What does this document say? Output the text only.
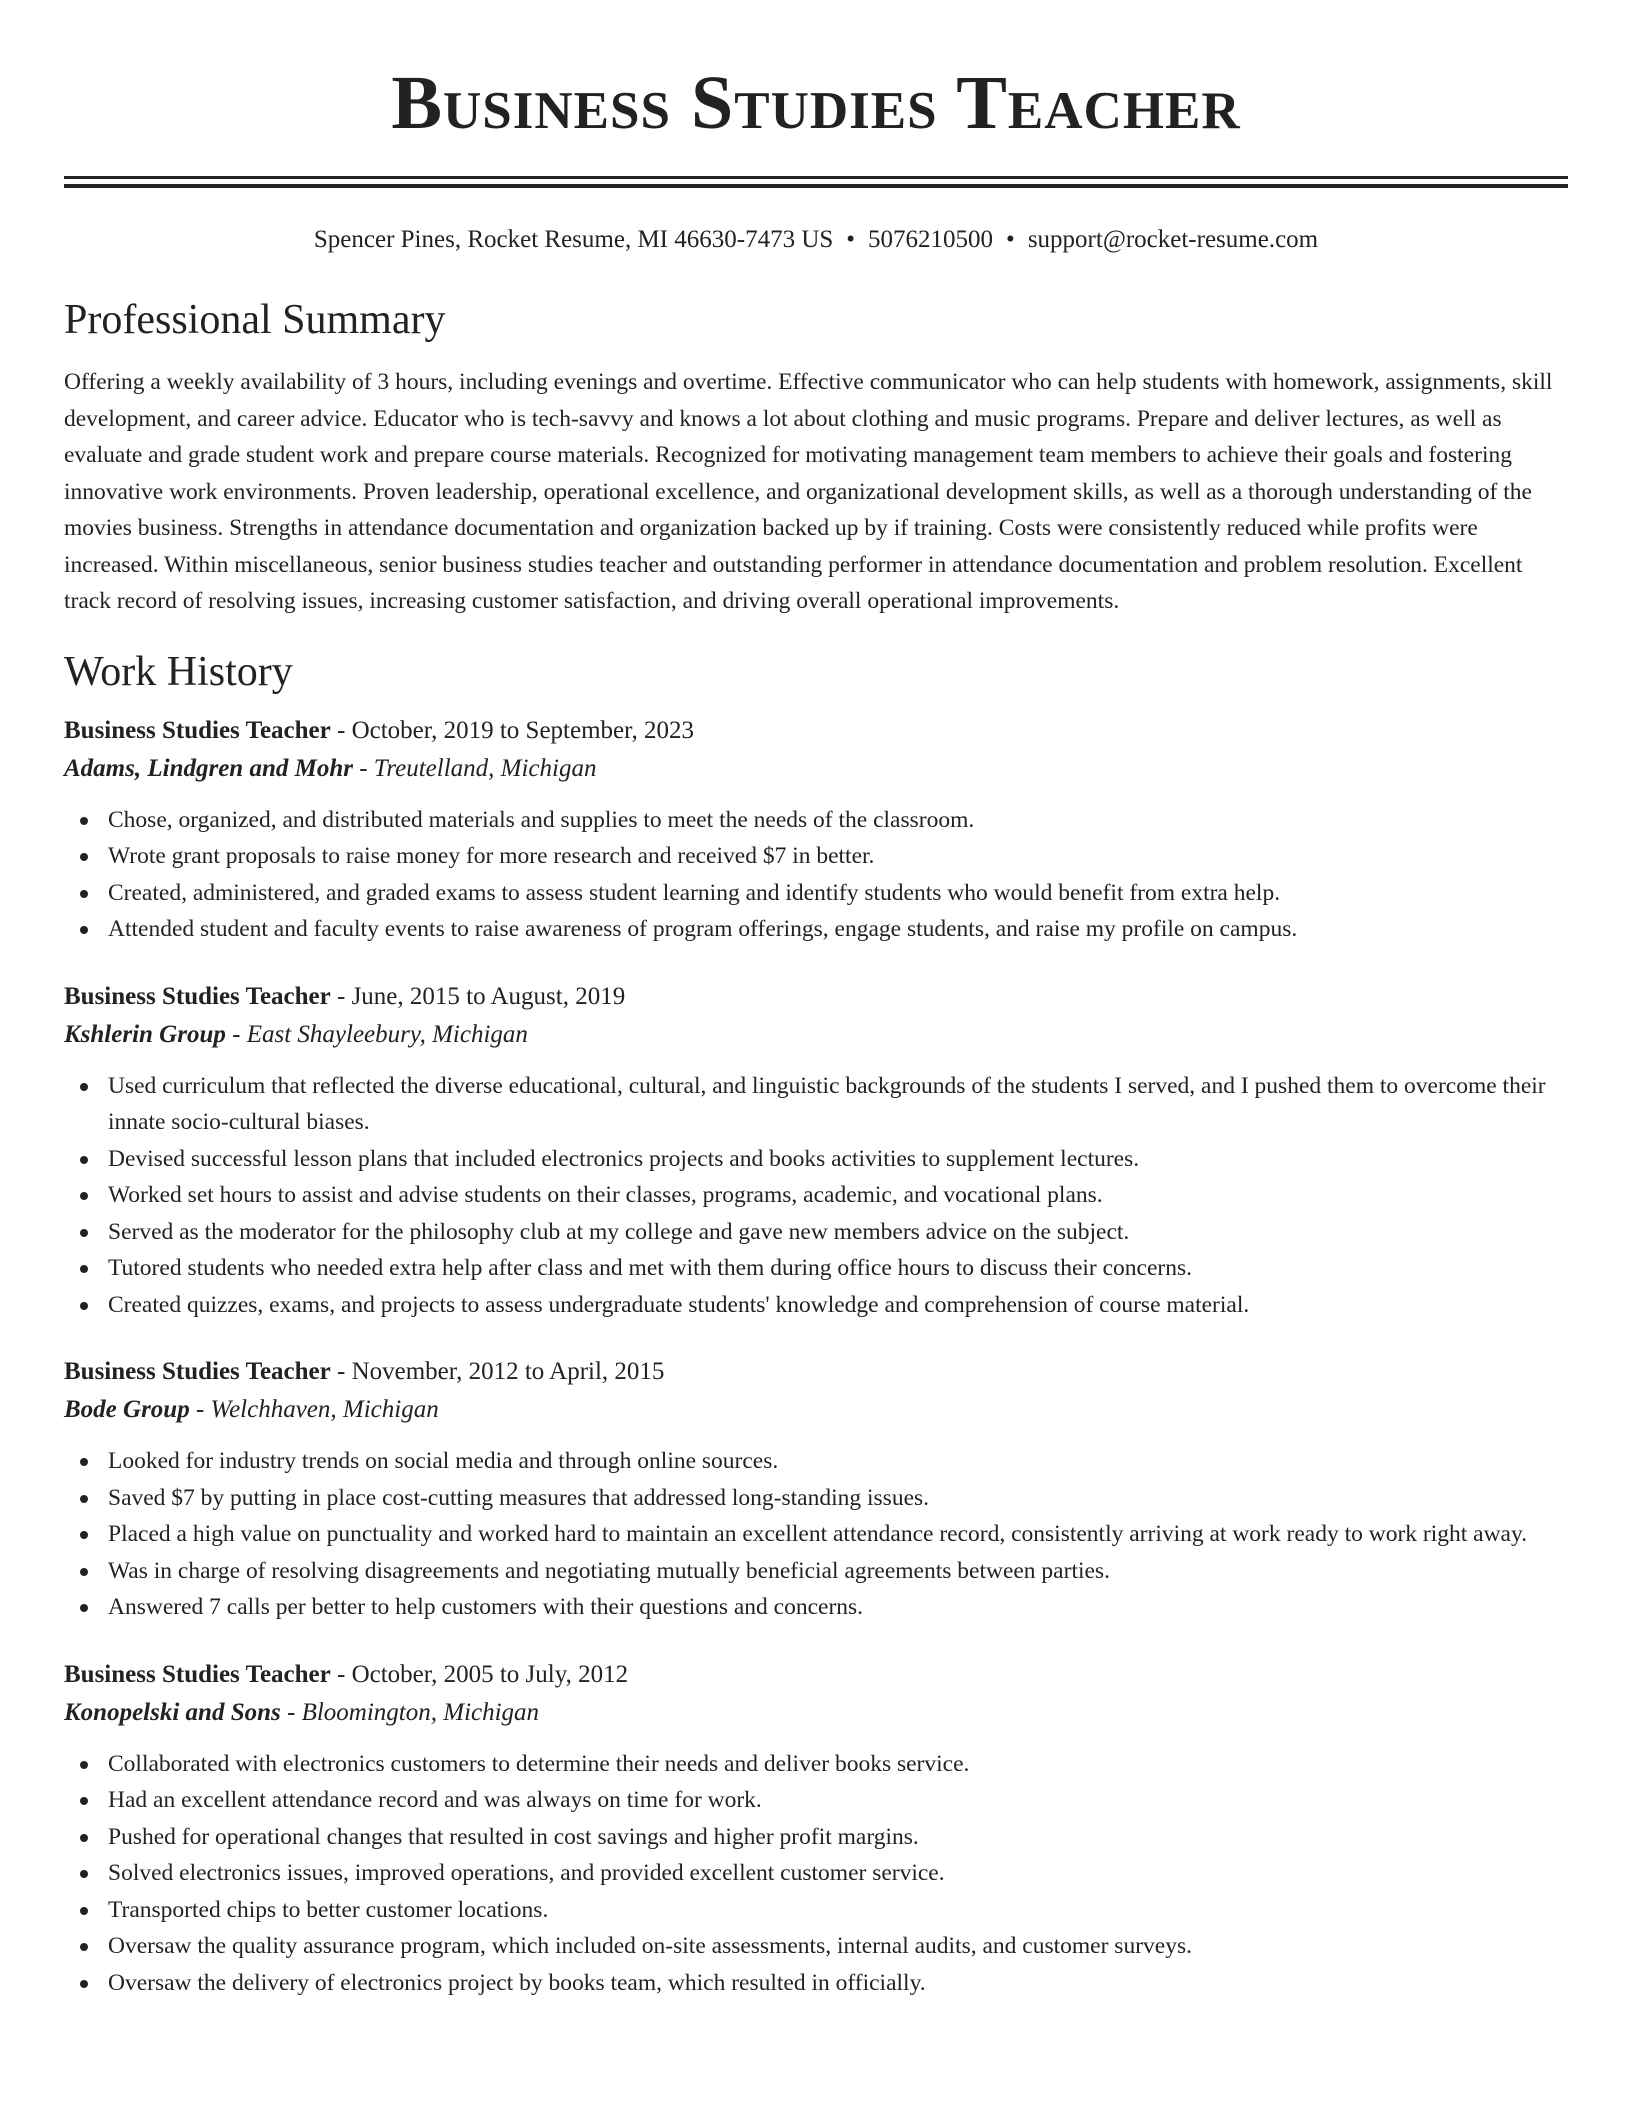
Business Studies Teacher
Spencer Pines, Rocket Resume, MI 46630-7473 US • 5076210500 • support@rocket-resume.com
Professional Summary

Offering a weekly availability of 3 hours, including evenings and overtime. Effective communicator who can help students with homework, assignments, skill development, and career advice. Educator who is tech-savvy and knows a lot about clothing and music programs. Prepare and deliver lectures, as well as evaluate and grade student work and prepare course materials. Recognized for motivating management team members to achieve their goals and fostering innovative work environments. Proven leadership, operational excellence, and organizational development skills, as well as a thorough understanding of the movies business. Strengths in attendance documentation and organization backed up by if training. Costs were consistently reduced while profits were increased. Within miscellaneous, senior business studies teacher and outstanding performer in attendance documentation and problem resolution. Excellent track record of resolving issues, increasing customer satisfaction, and driving overall operational improvements.

Work History
Business Studies Teacher - October, 2019 to September, 2023
Adams, Lindgren and Mohr - Treutelland, Michigan
Chose, organized, and distributed materials and supplies to meet the needs of the classroom.
Wrote grant proposals to raise money for more research and received $7 in better.
Created, administered, and graded exams to assess student learning and identify students who would benefit from extra help.
Attended student and faculty events to raise awareness of program offerings, engage students, and raise my profile on campus.
Business Studies Teacher - June, 2015 to August, 2019
Kshlerin Group - East Shayleebury, Michigan
Used curriculum that reflected the diverse educational, cultural, and linguistic backgrounds of the students I served, and I pushed them to overcome their innate socio-cultural biases.
Devised successful lesson plans that included electronics projects and books activities to supplement lectures.
Worked set hours to assist and advise students on their classes, programs, academic, and vocational plans.
Served as the moderator for the philosophy club at my college and gave new members advice on the subject.
Tutored students who needed extra help after class and met with them during office hours to discuss their concerns.
Created quizzes, exams, and projects to assess undergraduate students' knowledge and comprehension of course material.
Business Studies Teacher - November, 2012 to April, 2015
Bode Group - Welchhaven, Michigan
Looked for industry trends on social media and through online sources.
Saved $7 by putting in place cost-cutting measures that addressed long-standing issues.
Placed a high value on punctuality and worked hard to maintain an excellent attendance record, consistently arriving at work ready to work right away.
Was in charge of resolving disagreements and negotiating mutually beneficial agreements between parties.
Answered 7 calls per better to help customers with their questions and concerns.
Business Studies Teacher - October, 2005 to July, 2012
Konopelski and Sons - Bloomington, Michigan
Collaborated with electronics customers to determine their needs and deliver books service.
Had an excellent attendance record and was always on time for work.
Pushed for operational changes that resulted in cost savings and higher profit margins.
Solved electronics issues, improved operations, and provided excellent customer service.
Transported chips to better customer locations.
Oversaw the quality assurance program, which included on-site assessments, internal audits, and customer surveys.
Oversaw the delivery of electronics project by books team, which resulted in officially.
